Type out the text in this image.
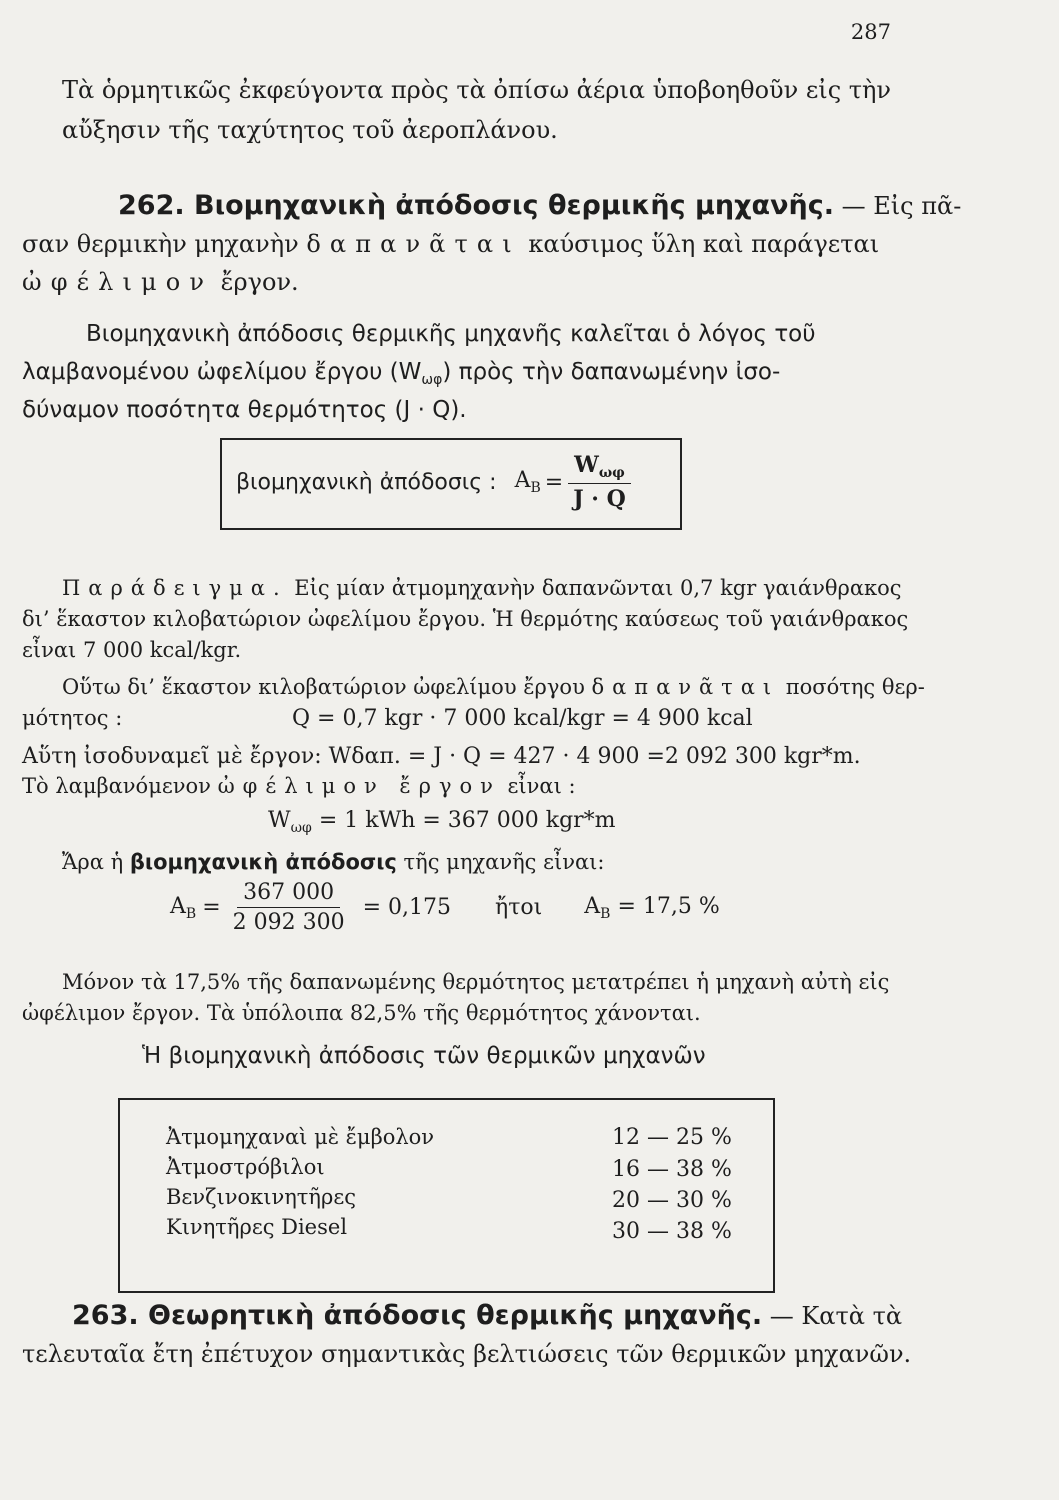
287
Τὰ ὁρμητικῶς ἐκφεύγοντα πρὸς τὰ ὀπίσω ἀέρια ὑποβοηθοῦν εἰς τὴν
αὔξησιν τῆς ταχύτητος τοῦ ἀεροπλάνου.
262. Βιομηχανικὴ ἀπόδοσις θερμικῆς μηχανῆς. — Εἰς πᾶ-
σαν θερμικὴν μηχανὴν δαπανᾶται καύσιμος ὕλη καὶ παράγεται
ὠφέλιμον ἔργον.
Βιομηχανικὴ ἀπόδοσις θερμικῆς μηχανῆς καλεῖται ὁ λόγος τοῦ
λαμβανομένου ὠφελίμου ἔργου $(W_{\omega\varphi})$ πρὸς τὴν δαπανωμένην ἰσο-
δύναμον ποσότητα θερμότητος (J · Q).
βιομηχανικὴ ἀπόδοσις : $A_B = \frac{W_{\omega\varphi}}{J \cdot Q}$
Παράδειγμα. Εἰς μίαν ἀτμομηχανὴν δαπανῶνται 0,7 kgr γαιάνθρακος
δι’ ἕκαστον κιλοβατώριον ὠφελίμου ἔργου. Ἡ θερμότης καύσεως τοῦ γαιάνθρακος
εἶναι 7 000 kcal/kgr.
Οὕτω δι’ ἕκαστον κιλοβατώριον ὠφελίμου ἔργου δαπανᾶται ποσότης θερ-
μότητος :	Q = 0,7 kgr · 7 000 kcal/kgr = 4 900 kcal
Αὕτη ἰσοδυναμεῖ μὲ ἔργον: Wδαπ. = J · Q = 427 · 4 900 =2 092 300 kgr*m.
Τὸ λαμβανόμενον ὠφέλιμον ἔργον εἶναι :
$W_{\omega\varphi} = 1$ kWh = 367 000 kgr*m
Ἄρα ἡ βιομηχανικὴ ἀπόδοσις τῆς μηχανῆς εἶναι:
$A_B = \frac{367 000}{2 092 300} = 0,175$ ἤτοι $A_B = 17,5$ %
Μόνον τὰ 17,5% τῆς δαπανωμένης θερμότητος μετατρέπει ἡ μηχανὴ αὐτὴ εἰς
ὠφέλιμον ἔργον. Τὰ ὑπόλοιπα 82,5% τῆς θερμότητος χάνονται.
Ἡ βιομηχανικὴ ἀπόδοσις τῶν θερμικῶν μηχανῶν
Ἀτμομηχαναὶ μὲ ἔμβολον	12 — 25 %
Ἀτμοστρόβιλοι	16 — 38 %
Βενζινοκινητῆρες	20 — 30 %
Κινητῆρες Diesel	30 — 38 %
263. Θεωρητικὴ ἀπόδοσις θερμικῆς μηχανῆς. — Κατὰ τὰ
τελευταῖα ἔτη ἐπέτυχον σημαντικὰς βελτιώσεις τῶν θερμικῶν μηχανῶν.
